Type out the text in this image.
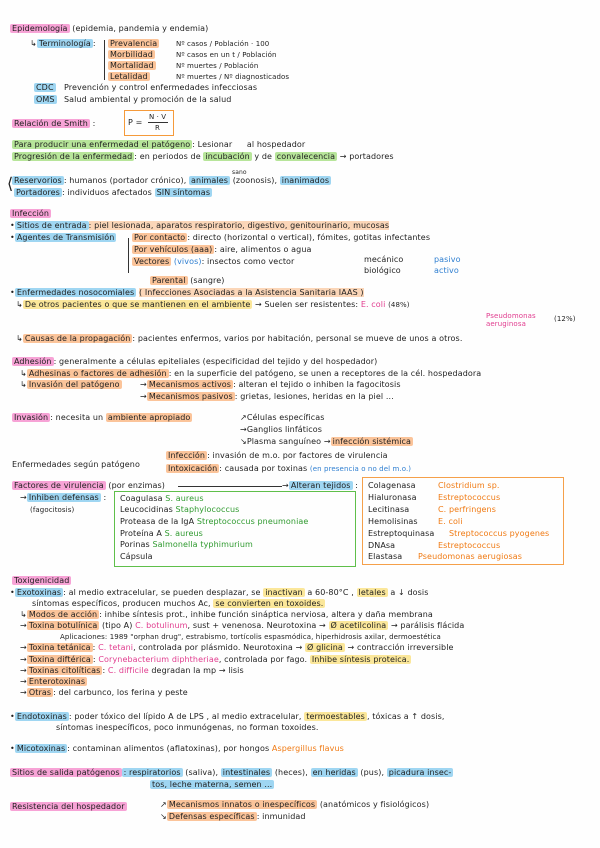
Epidemología (epidemia, pandemia y endemia)
↳ Terminología : Prevalencia	Nº casos / Población · 100
Morbilidad	Nº casos en un t / Población
Mortalidad	Nº muertes / Población
Letalidad	Nº muertes / Nº diagnosticados
CDC Prevención y control enfermedades infecciosas
OMS Salud ambiental y promoción de la salud
Relación de Smith :	P =
N · V
R
Para producir una enfermedad el patógeno : Lesionar al hospedador
Progresión de la enfermedad : en periodos de incubación y de convalecencia → portadores
sano
⟨ Reservorios : humanos (portador crónico), animales (zoonosis), inanimados
Portadores : individuos afectados SIN síntomas
Infección
• Sitios de entrada : piel lesionada, aparatos respiratorio, digestivo, genitourinario, mucosas
• Agentes de Transmisión Por contacto : directo (horizontal o vertical), fómites, gotitas infectantes
Por vehículos (aaa) : aire, alimentos o agua
Vectores (vivos): insectos como vector	mecánico	pasivo
biológico	activo
Parental (sangre)
• Enfermedades nosocomiales ( Infecciones Asociadas a la Asistencia Sanitaria IAAS )
↳ De otros pacientes o que se mantienen en el ambiente → Suelen ser resistentes: E. coli (48%)
Pseudomonas aeruginosa
(12%)
↳ Causas de la propagación : pacientes enfermos, varios por habitación, personal se mueve de unos a otros.
Adhesión : generalmente a células epiteliales (especificidad del tejido y del hospedador)
↳ Adhesinas o factores de adhesión : en la superficie del patógeno, se unen a receptores de la cél. hospedadora
↳ Invasión del patógeno	→ Mecanismos activos : alteran el tejido o inhiben la fagocitosis
→ Mecanismos pasivos : grietas, lesiones, heridas en la piel ...
Invasión : necesita un ambiente apropiado	↗Células específicas
→Ganglios linfáticos
↘Plasma sanguíneo → infección sistémica
Enfermedades según patógeno
Infección : invasión de m.o. por factores de virulencia
Intoxicación : causada por toxinas (en presencia o no del m.o.)
Factores de virulencia (por enzimas)	→ Alteran tejidos :
→ Inhiben defensas :
(fagocitosis)
Coagulasa S. aureus
Leucocidinas Staphylococcus
Proteasa de la IgA Streptococcus pneumoniae
Proteína A S. aureus
Porinas Salmonella typhimurium
Cápsula
Colagenasa	Clostridium sp.
Hialuronasa	Estreptococcus
Lecitinasa	C. perfringens
Hemolisinas	E. coli
Estreptoquinasa Streptococcus pyogenes
DNAsa	Estreptococcus
Elastasa Pseudomonas aerugiosas
Toxigenicidad
• Exotoxinas : al medio extracelular, se pueden desplazar, se inactivan a 60-80°C , letales a ↓ dosis
síntomas específicos, producen muchos Ac, se convierten en toxoides.
↳ Modos de acción : inhibe síntesis prot., inhibe función sináptica nerviosa, altera y daña membrana
→ Toxina botulínica (tipo A) C. botulinum, sust + venenosa. Neurotoxina → Ø acetilcolina → parálisis flácida
Aplicaciones: 1989 "orphan drug", estrabismo, tortícolis espasmódica, hiperhidrosis axilar, dermoestética
→ Toxina tetánica : C. tetani, controlada por plásmido. Neurotoxina → Ø glicina → contracción irreversible
→ Toxina diftérica : Corynebacterium diphtheriae, controlada por fago. Inhibe síntesis proteica.
→ Toxinas citolíticas : C. difficile degradan la mp → lisis
→ Enterotoxinas
→ Otras : del carbunco, los ferina y peste
• Endotoxinas : poder tóxico del lípido A de LPS , al medio extracelular, termoestables , tóxicas a ↑ dosis,
síntomas inespecíficos, poco inmunógenas, no forman toxoides.
• Micotoxinas : contaminan alimentos (aflatoxinas), por hongos Aspergillus flavus
Sitios de salida patógenos : respiratorios (saliva), intestinales (heces), en heridas (pus), picadura insec-
tos, leche materna, semen ...
Resistencia del hospedador	↗ Mecanismos innatos o inespecíficos (anatómicos y fisiológicos)
↘ Defensas específicas : inmunidad
